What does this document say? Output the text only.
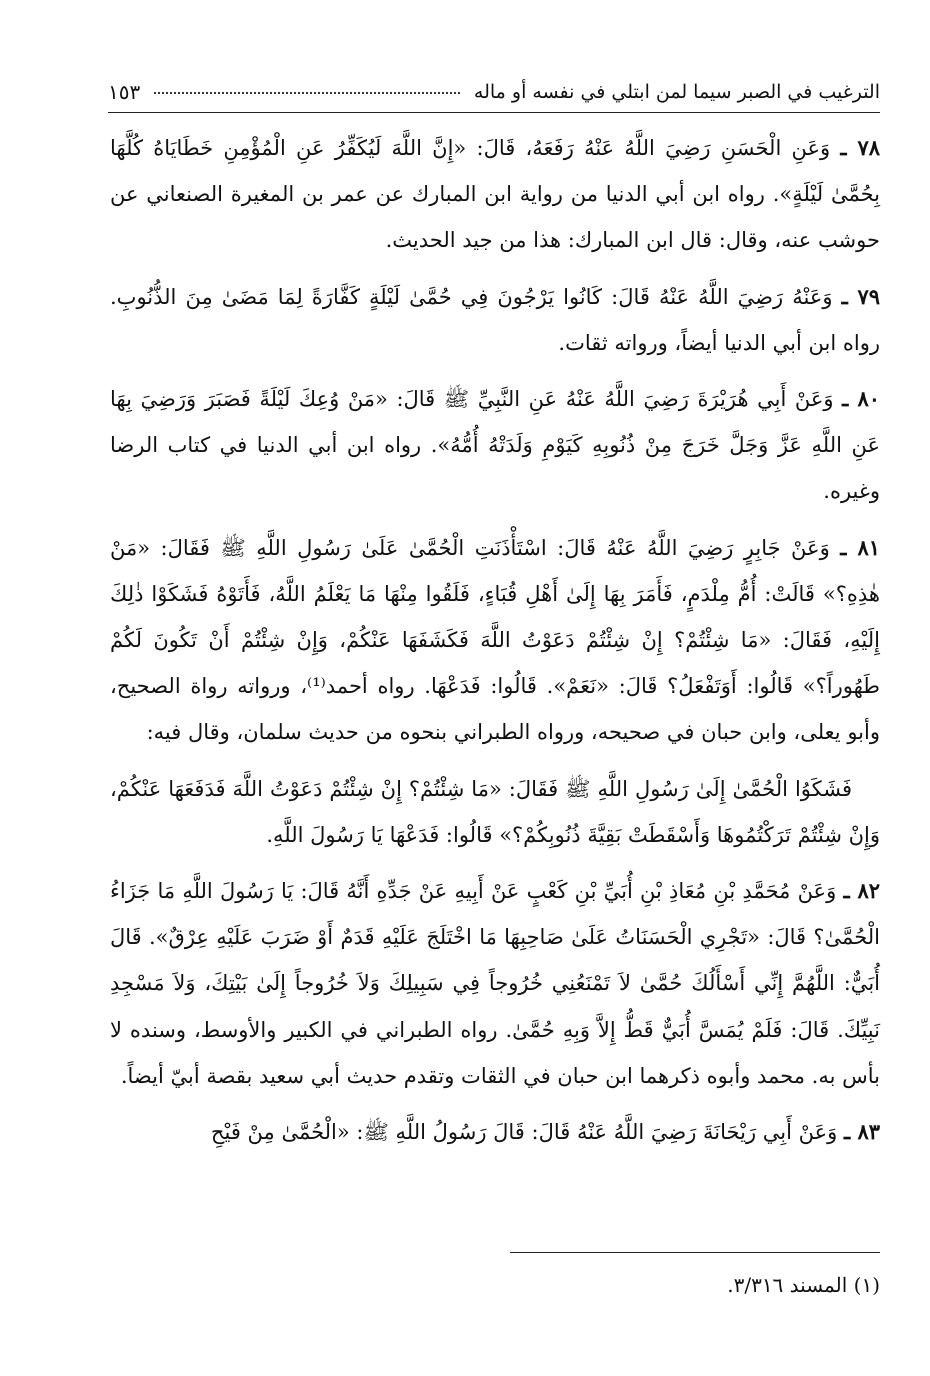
الترغيب في الصبر سيما لمن ابتلي في نفسه أو ماله
١٥٣

٧٨ ـ وَعَنِ الْحَسَنِ رَضِيَ اللَّهُ عَنْهُ رَفَعَهُ، قَالَ: «إِنَّ اللَّهَ لَيُكَفِّرُ عَنِ الْمُؤْمِنِ خَطَايَاهُ كُلَّهَا بِحُمَّىٰ لَيْلَةٍ». رواه ابن أبي الدنيا من رواية ابن المبارك عن عمر بن المغيرة الصنعاني عن حوشب عنه، وقال: قال ابن المبارك: هذا من جيد الحديث.

٧٩ ـ وَعَنْهُ رَضِيَ اللَّهُ عَنْهُ قَالَ: كَانُوا يَرْجُونَ فِي حُمَّىٰ لَيْلَةٍ كَفَّارَةً لِمَا مَضَىٰ مِنَ الذُّنُوبِ. رواه ابن أبي الدنيا أيضاً، ورواته ثقات.

٨٠ ـ وَعَنْ أَبِي هُرَيْرَةَ رَضِيَ اللَّهُ عَنْهُ عَنِ النَّبِيِّ ﷺ قَالَ: «مَنْ وُعِكَ لَيْلَةً فَصَبَرَ وَرَضِيَ بِهَا عَنِ اللَّهِ عَزَّ وَجَلَّ خَرَجَ مِنْ ذُنُوبِهِ كَيَوْمِ وَلَدَتْهُ أُمُّهُ». رواه ابن أبي الدنيا في كتاب الرضا وغيره.

٨١ ـ وَعَنْ جَابِرٍ رَضِيَ اللَّهُ عَنْهُ قَالَ: اسْتَأْذَنَتِ الْحُمَّىٰ عَلَىٰ رَسُولِ اللَّهِ ﷺ فَقَالَ: «مَنْ هٰذِهِ؟» قَالَتْ: أُمُّ مِلْدَمٍ، فَأَمَرَ بِهَا إِلَىٰ أَهْلِ قُبَاءٍ، فَلَقُوا مِنْهَا مَا يَعْلَمُ اللَّهُ، فَأَتَوْهُ فَشَكَوْا ذٰلِكَ إِلَيْهِ، فَقَالَ: «مَا شِئْتُمْ؟ إِنْ شِئْتُمْ دَعَوْتُ اللَّهَ فَكَشَفَهَا عَنْكُمْ، وَإِنْ شِئْتُمْ أَنْ تَكُونَ لَكُمْ طَهُوراً؟» قَالُوا: أَوَتَفْعَلُ؟ قَالَ: «نَعَمْ». قَالُوا: فَدَعْهَا. رواه أحمد⁽¹⁾، ورواته رواة الصحيح، وأبو يعلى، وابن حبان في صحيحه، ورواه الطبراني بنحوه من حديث سلمان، وقال فيه:

فَشَكَوُا الْحُمَّىٰ إِلَىٰ رَسُولِ اللَّهِ ﷺ فَقَالَ: «مَا شِئْتُمْ؟ إِنْ شِئْتُمْ دَعَوْتُ اللَّهَ فَدَفَعَهَا عَنْكُمْ، وَإِنْ شِئْتُمْ تَرَكْتُمُوهَا وَأَسْقَطَتْ بَقِيَّةَ ذُنُوبِكُمْ؟» قَالُوا: فَدَعْهَا يَا رَسُولَ اللَّهِ.

٨٢ ـ وَعَنْ مُحَمَّدِ بْنِ مُعَاذِ بْنِ أُبَيِّ بْنِ كَعْبٍ عَنْ أَبِيهِ عَنْ جَدِّهِ أَنَّهُ قَالَ: يَا رَسُولَ اللَّهِ مَا جَزَاءُ الْحُمَّىٰ؟ قَالَ: «تَجْرِي الْحَسَنَاتُ عَلَىٰ صَاحِبِهَا مَا اخْتَلَجَ عَلَيْهِ قَدَمٌ أَوْ ضَرَبَ عَلَيْهِ عِرْقٌ». قَالَ أُبَيٌّ: اللَّهُمَّ إِنِّي أَسْأَلُكَ حُمَّىٰ لاَ تَمْنَعُنِي خُرُوجاً فِي سَبِيلِكَ وَلاَ خُرُوجاً إِلَىٰ بَيْتِكَ، وَلاَ مَسْجِدِ نَبِيِّكَ. قَالَ: فَلَمْ يُمَسَّ أُبَيٌّ قَطُّ إِلاَّ وَبِهِ حُمَّىٰ. رواه الطبراني في الكبير والأوسط، وسنده لا بأس به. محمد وأبوه ذكرهما ابن حبان في الثقات وتقدم حديث أبي سعيد بقصة أبيّ أيضاً.

٨٣ ـ وَعَنْ أَبِي رَيْحَانَةَ رَضِيَ اللَّهُ عَنْهُ قَالَ: قَالَ رَسُولُ اللَّهِ ﷺ: «الْحُمَّىٰ مِنْ فَيْحِ

(١) المسند ٣/٣١٦.
